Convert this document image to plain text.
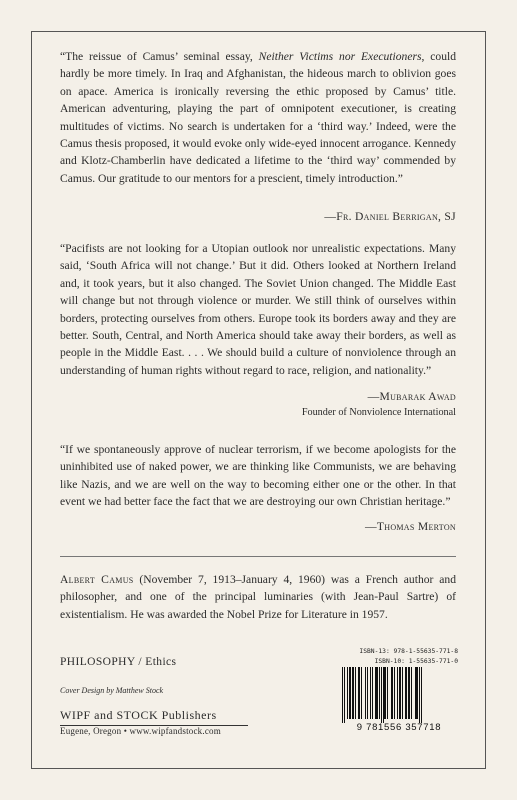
“The reissue of Camus’ seminal essay, Neither Victims nor Executioners, could hardly be more timely. In Iraq and Afghanistan, the hideous march to oblivion goes on apace. America is ironically reversing the ethic proposed by Camus’ title. American adventuring, playing the part of omnipotent executioner, is creating multitudes of victims. No search is undertaken for a ‘third way.’ Indeed, were the Camus thesis proposed, it would evoke only wide-eyed innocent arrogance. Kennedy and Klotz-Chamberlin have dedicated a lifetime to the ‘third way’ commended by Camus. Our gratitude to our mentors for a prescient, timely introduction.”

—Fr. Daniel Berrigan, SJ

“Pacifists are not looking for a Utopian outlook nor unrealistic expectations. Many said, ‘South Africa will not change.’ But it did. Others looked at Northern Ireland and, it took years, but it also changed. The Soviet Union changed. The Middle East will change but not through violence or murder. We still think of ourselves within borders, protecting ourselves from others. Europe took its borders away and they are better. South, Central, and North America should take away their borders, as well as people in the Middle East. . . . We should build a culture of nonviolence through an understanding of human rights without regard to race, religion, and nationality.”

—Mubarak Awad
Founder of Nonviolence International

“If we spontaneously approve of nuclear terrorism, if we become apologists for the uninhibited use of naked power, we are thinking like Communists, we are behaving like Nazis, and we are well on the way to becoming either one or the other. In that event we had better face the fact that we are destroying our own Christian heritage.”

—Thomas Merton

Albert Camus (November 7, 1913–January 4, 1960) was a French author and philosopher, and one of the principal luminaries (with Jean-Paul Sartre) of existentialism. He was awarded the Nobel Prize for Literature in 1957.

PHILOSOPHY / Ethics
Cover Design by Matthew Stock
WIPF and STOCK Publishers
Eugene, Oregon • www.wipfandstock.com
ISBN-13: 978-1-55635-771-8
ISBN-10: 1-55635-771-0
9 781556 357718
